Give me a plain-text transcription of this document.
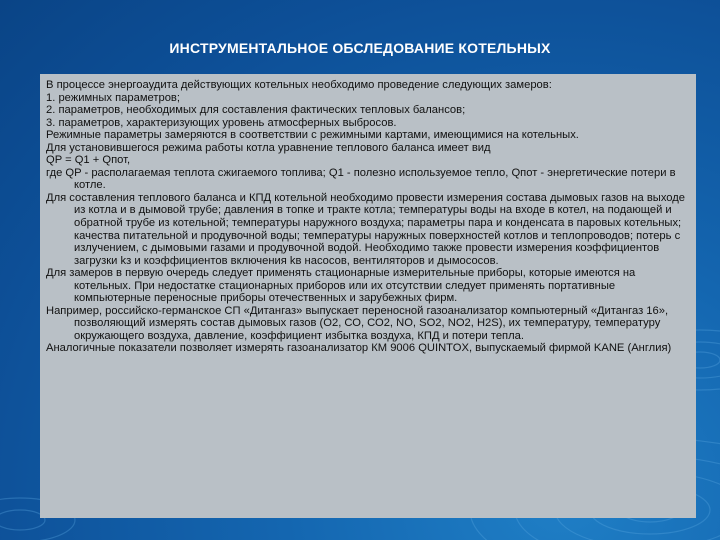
ИНСТРУМЕНТАЛЬНОЕ ОБСЛЕДОВАНИЕ КОТЕЛЬНЫХ

В процессе энергоаудита действующих котельных необходимо проведение следующих замеров:

1. режимных параметров;

2. параметров, необходимых для составления фактических тепловых балансов;

3. параметров, характеризующих уровень атмосферных выбросов.

Режимные параметры замеряются в соответствии с режимными картами, имеющимися на котельных.

Для установившегося режима работы котла уравнение теплового баланса имеет вид

QP = Q1 + Qпот,

где QP - располагаемая теплота сжигаемого топлива; Q1 - полезно используемое тепло, Qпот - энергетические потери в котле.

Для составления теплового баланса и КПД котельной необходимо провести измерения состава дымовых газов на выходе из котла и в дымовой трубе; давления в топке и тракте котла; температуры воды на входе в котел, на подающей и обратной трубе из котельной; температуры наружного воздуха; параметры пара и конденсата в паровых котельных; качества питательной и продувочной воды; температуры наружных поверхностей котлов и теплопроводов; потерь с излучением, с дымовыми газами и продувочной водой. Необходимо также провести измерения коэффициентов загрузки kз и коэффициентов включения kв насосов, вентиляторов и дымососов.

Для замеров в первую очередь следует применять стационарные измерительные приборы, которые имеются на котельных. При недостатке стационарных приборов или их отсутствии следует применять портативные компьютерные переносные приборы отечественных и зарубежных фирм.

Например, российско-германское СП «Дитангаз» выпускает переносной газоанализатор компьютерный «Дитангаз 16», позволяющий измерять состав дымовых газов (О2, СО, СО2, NO, SO2, NO2, H2S), их температуру, температуру окружающего воздуха, давление, коэффициент избытка воздуха, КПД и потери тепла.

Аналогичные показатели позволяет измерять газоанализатор КМ 9006 QUINTOX, выпускаемый фирмой KANE (Англия)
